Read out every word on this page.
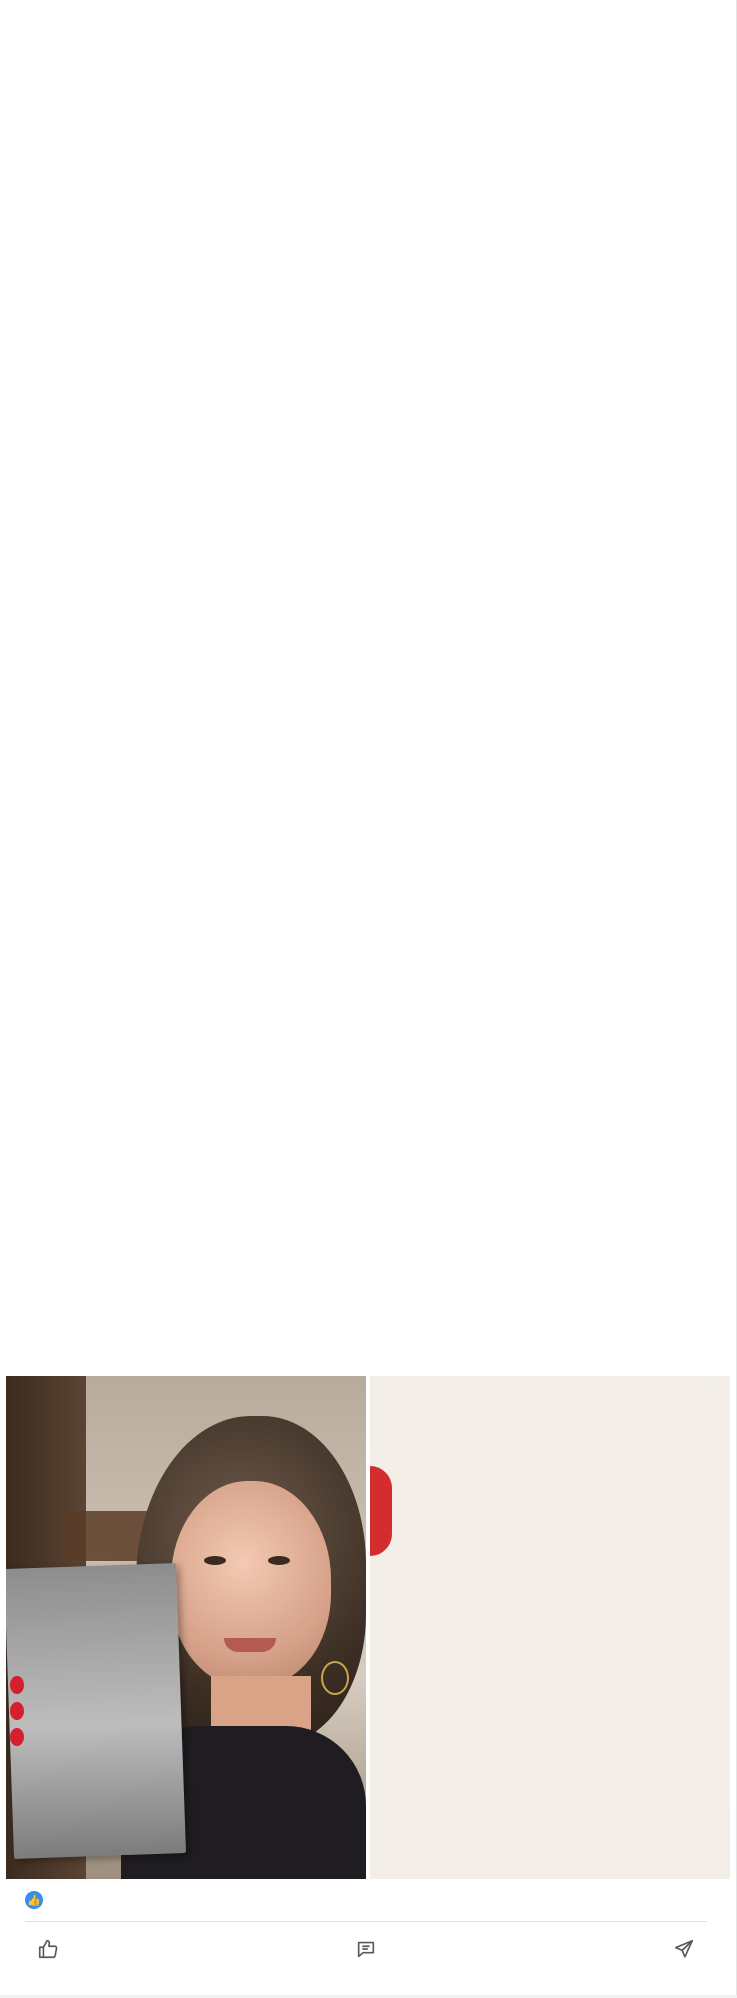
👍
